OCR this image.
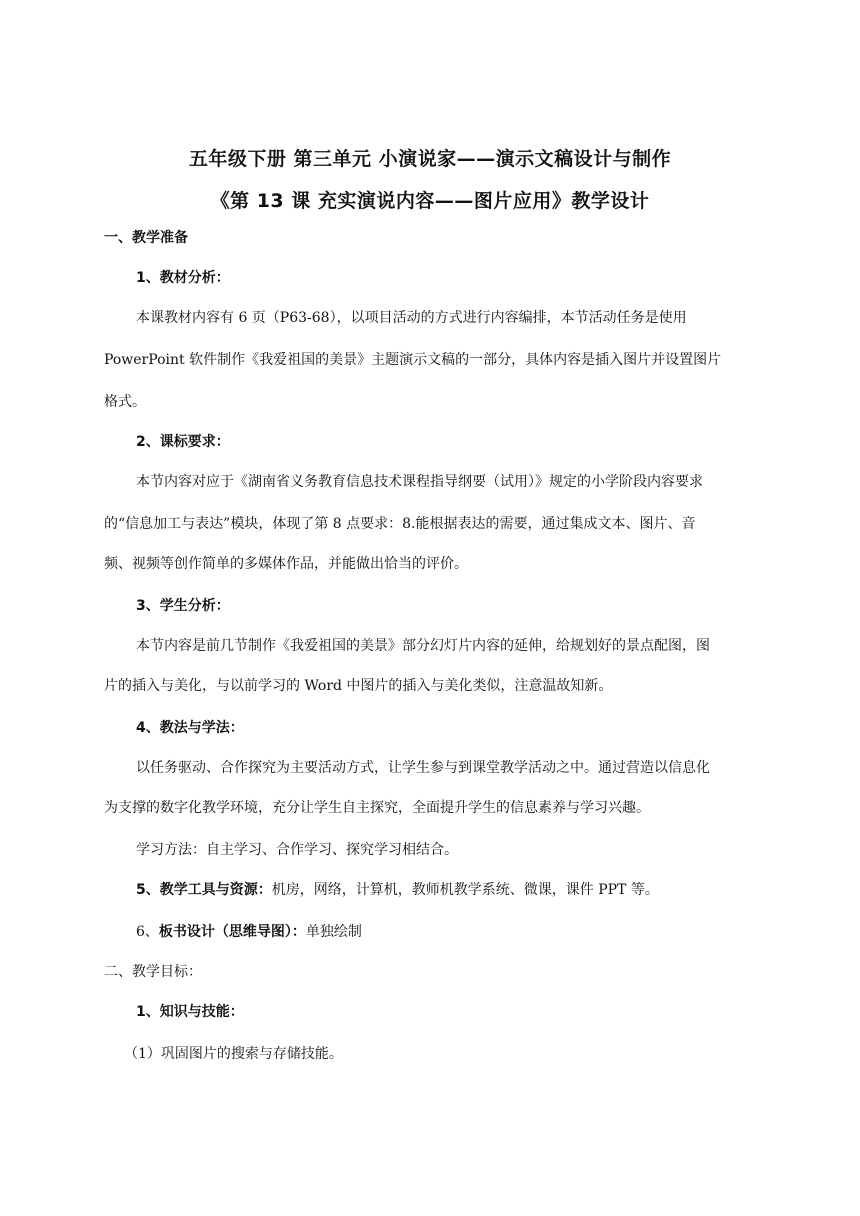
五年级下册 第三单元 小演说家——演示文稿设计与制作
《第 13 课 充实演说内容——图片应用》教学设计
一、教学准备
1、教材分析：
本课教材内容有 6 页（P63-68），以项目活动的方式进行内容编排，本节活动任务是使用
PowerPoint 软件制作《我爱祖国的美景》主题演示文稿的一部分，具体内容是插入图片并设置图片
格式。
2、课标要求：
本节内容对应于《湖南省义务教育信息技术课程指导纲要（试用）》规定的小学阶段内容要求
的“信息加工与表达”模块，体现了第 8 点要求：8.能根据表达的需要，通过集成文本、图片、音
频、视频等创作简单的多媒体作品，并能做出恰当的评价。
3、学生分析：
本节内容是前几节制作《我爱祖国的美景》部分幻灯片内容的延伸，给规划好的景点配图，图
片的插入与美化，与以前学习的 Word 中图片的插入与美化类似，注意温故知新。
4、教法与学法：
以任务驱动、合作探究为主要活动方式，让学生参与到课堂教学活动之中。通过营造以信息化
为支撑的数字化教学环境，充分让学生自主探究，全面提升学生的信息素养与学习兴趣。
学习方法：自主学习、合作学习、探究学习相结合。
5、教学工具与资源：机房，网络，计算机，教师机教学系统、微课，课件 PPT 等。
6、板书设计（思维导图）：单独绘制
二、教学目标：
1、知识与技能：
（1）巩固图片的搜索与存储技能。
